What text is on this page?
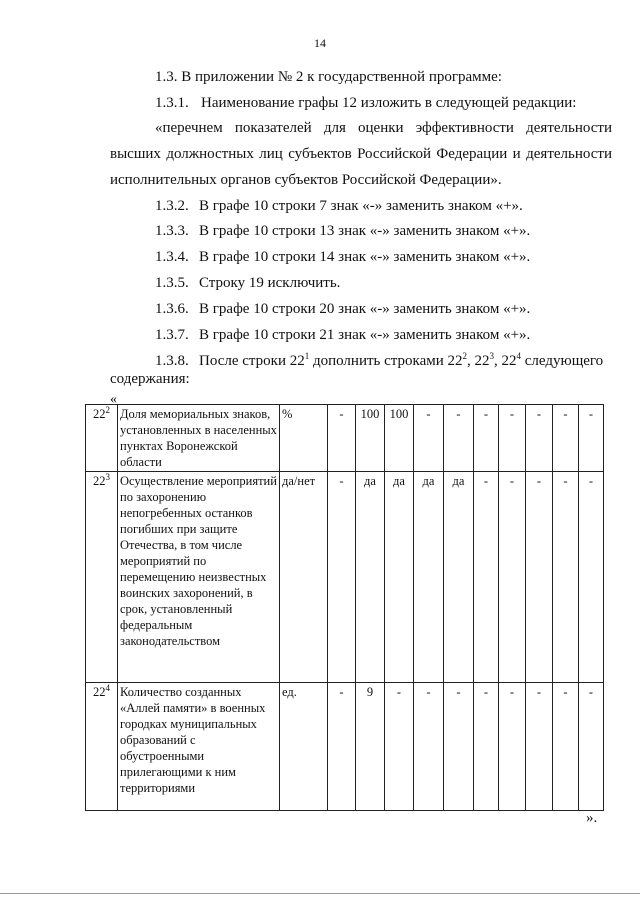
14
1.3. В приложении № 2 к государственной программе:
1.3.1. Наименование графы 12 изложить в следующей редакции:
«перечнем показателей для оценки эффективности деятельности
высших должностных лиц субъектов Российской Федерации и деятельности
исполнительных органов субъектов Российской Федерации».
1.3.2. В графе 10 строки 7 знак «-» заменить знаком «+».
1.3.3. В графе 10 строки 13 знак «-» заменить знаком «+».
1.3.4. В графе 10 строки 14 знак «-» заменить знаком «+».
1.3.5. Строку 19 исключить.
1.3.6. В графе 10 строки 20 знак «-» заменить знаком «+».
1.3.7. В графе 10 строки 21 знак «-» заменить знаком «+».
1.3.8. После строки $22^1$ дополнить строками $22^2$, $22^3$, $22^4$ следующего
содержания:
«
$22^2$	Доля мемориальных знаков, установленных в населенных пунктах Воронежской области	%	-	100	100	-	-	-	-	-	-	-
$22^3$	Осуществление мероприятий по захоронению непогребенных останков погибших при защите Отечества, в том числе мероприятий по перемещению неизвестных воинских захоронений, в срок, установленный федеральным законодательством	да/нет	-	да	да	да	да	-	-	-	-	-
$22^4$	Количество созданных «Аллей памяти» в военных городках муниципальных образований с обустроенными прилегающими к ним территориями	ед.	-	9	-	-	-	-	-	-	-	-
».
